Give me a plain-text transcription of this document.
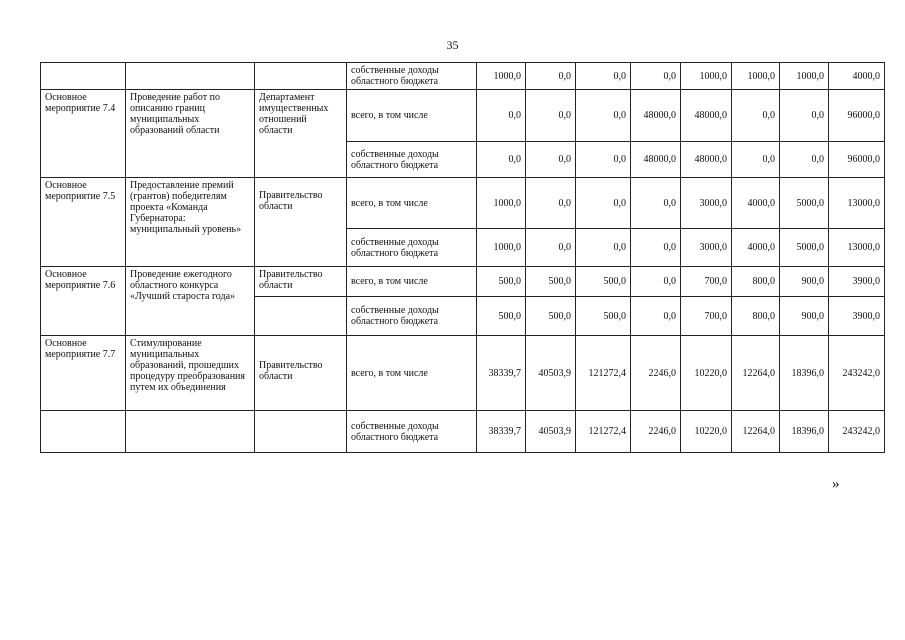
35
			собственные доходы областного бюджета	1000,0	0,0	0,0	0,0	1000,0	1000,0	1000,0	4000,0
Основное мероприятие 7.4	Проведение работ по описанию границ муниципальных образований области	Департамент имущественных отношений области	всего, в том числе	0,0	0,0	0,0	48000,0	48000,0	0,0	0,0	96000,0
			собственные доходы областного бюджета	0,0	0,0	0,0	48000,0	48000,0	0,0	0,0	96000,0
Основное мероприятие 7.5	Предоставление премий (грантов) победителям проекта «Команда Губернатора: муниципальный уровень»	Правительство области	всего, в том числе	1000,0	0,0	0,0	0,0	3000,0	4000,0	5000,0	13000,0
			собственные доходы областного бюджета	1000,0	0,0	0,0	0,0	3000,0	4000,0	5000,0	13000,0
Основное мероприятие 7.6	Проведение ежегодного областного конкурса «Лучший староста года»	Правительство области	всего, в том числе	500,0	500,0	500,0	0,0	700,0	800,0	900,0	3900,0
			собственные доходы областного бюджета	500,0	500,0	500,0	0,0	700,0	800,0	900,0	3900,0
Основное мероприятие 7.7	Стимулирование муниципальных образований, прошедших процедуру преобразования путем их объединения	Правительство области	всего, в том числе	38339,7	40503,9	121272,4	2246,0	10220,0	12264,0	18396,0	243242,0
			собственные доходы областного бюджета	38339,7	40503,9	121272,4	2246,0	10220,0	12264,0	18396,0	243242,0
»
